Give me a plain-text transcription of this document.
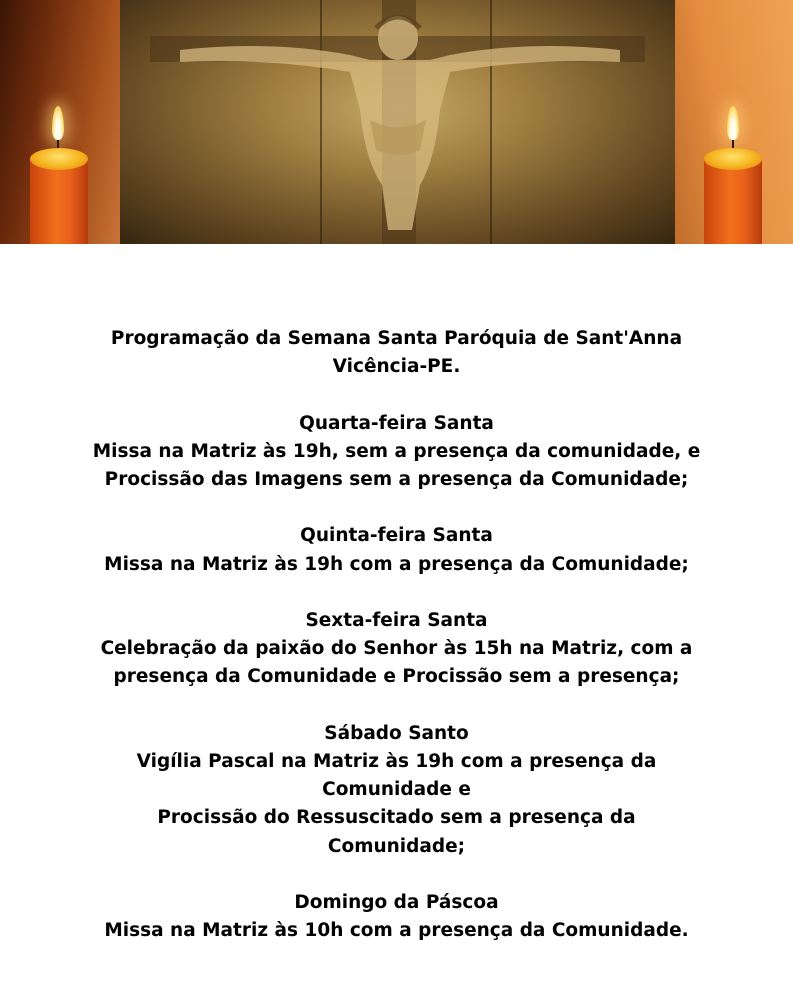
Programação da Semana Santa Paróquia de Sant'Anna

Vicência-PE.

Quarta-feira Santa

Missa na Matriz às 19h, sem a presença da comunidade, e

Procissão das Imagens sem a presença da Comunidade;

Quinta-feira Santa

Missa na Matriz às 19h com a presença da Comunidade;

Sexta-feira Santa

Celebração da paixão do Senhor às 15h na Matriz, com a

presença da Comunidade e Procissão sem a presença;

Sábado Santo

Vigília Pascal na Matriz às 19h com a presença da

Comunidade e

Procissão do Ressuscitado sem a presença da

Comunidade;

Domingo da Páscoa

Missa na Matriz às 10h com a presença da Comunidade.
